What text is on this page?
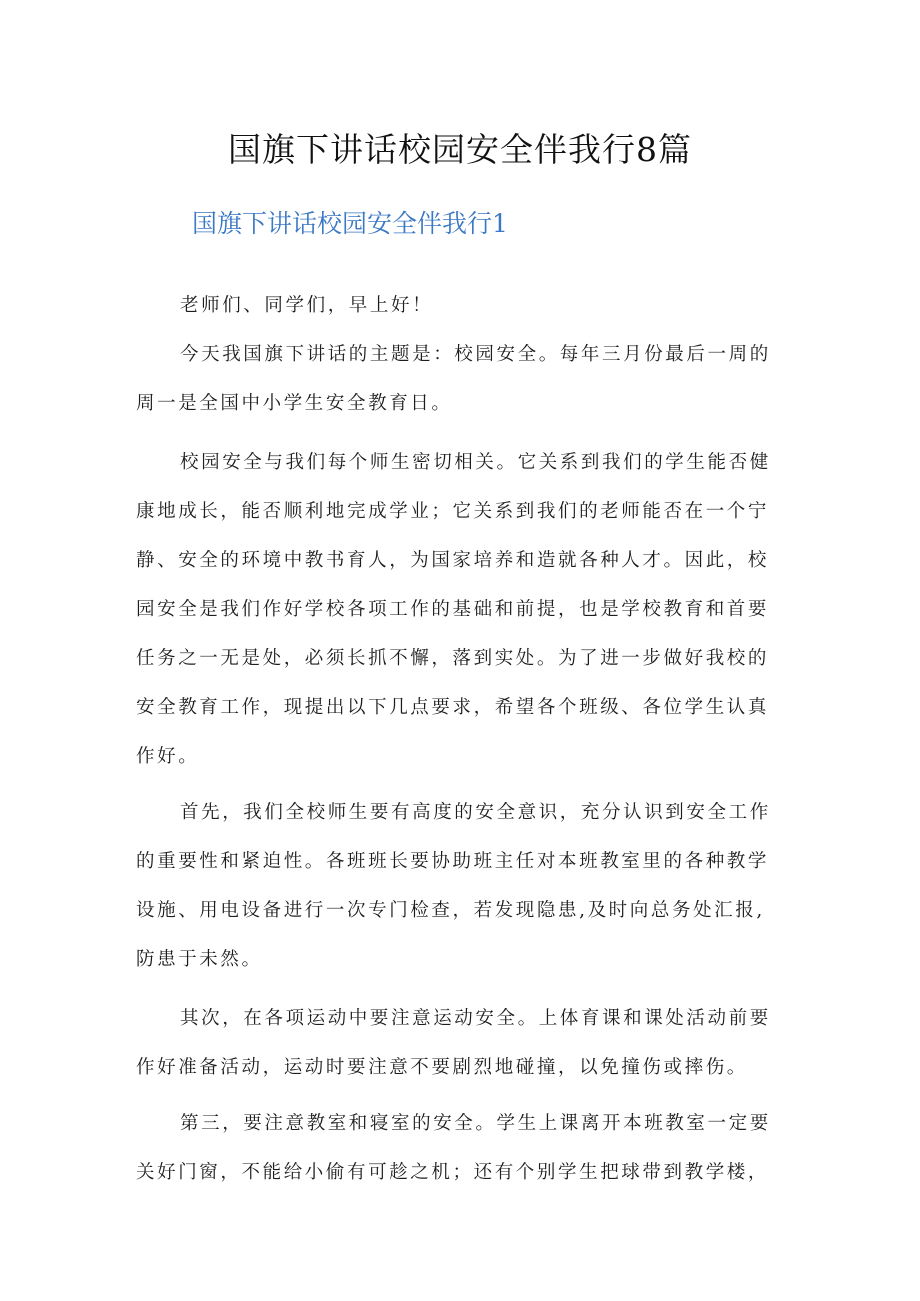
国旗下讲话校园安全伴我行8篇
国旗下讲话校园安全伴我行1
老师们、同学们，早上好！
今天我国旗下讲话的主题是：校园安全。每年三月份最后一周的
周一是全国中小学生安全教育日。
校园安全与我们每个师生密切相关。它关系到我们的学生能否健
康地成长，能否顺利地完成学业；它关系到我们的老师能否在一个宁
静、安全的环境中教书育人，为国家培养和造就各种人才。因此，校
园安全是我们作好学校各项工作的基础和前提，也是学校教育和首要
任务之一无是处，必须长抓不懈，落到实处。为了进一步做好我校的
安全教育工作，现提出以下几点要求，希望各个班级、各位学生认真
作好。
首先，我们全校师生要有高度的安全意识，充分认识到安全工作
的重要性和紧迫性。各班班长要协助班主任对本班教室里的各种教学
设施、用电设备进行一次专门检查，若发现隐患,及时向总务处汇报,
防患于未然。
其次，在各项运动中要注意运动安全。上体育课和课处活动前要
作好准备活动，运动时要注意不要剧烈地碰撞，以免撞伤或摔伤。
第三，要注意教室和寝室的安全。学生上课离开本班教室一定要
关好门窗，不能给小偷有可趁之机；还有个别学生把球带到教学楼，
